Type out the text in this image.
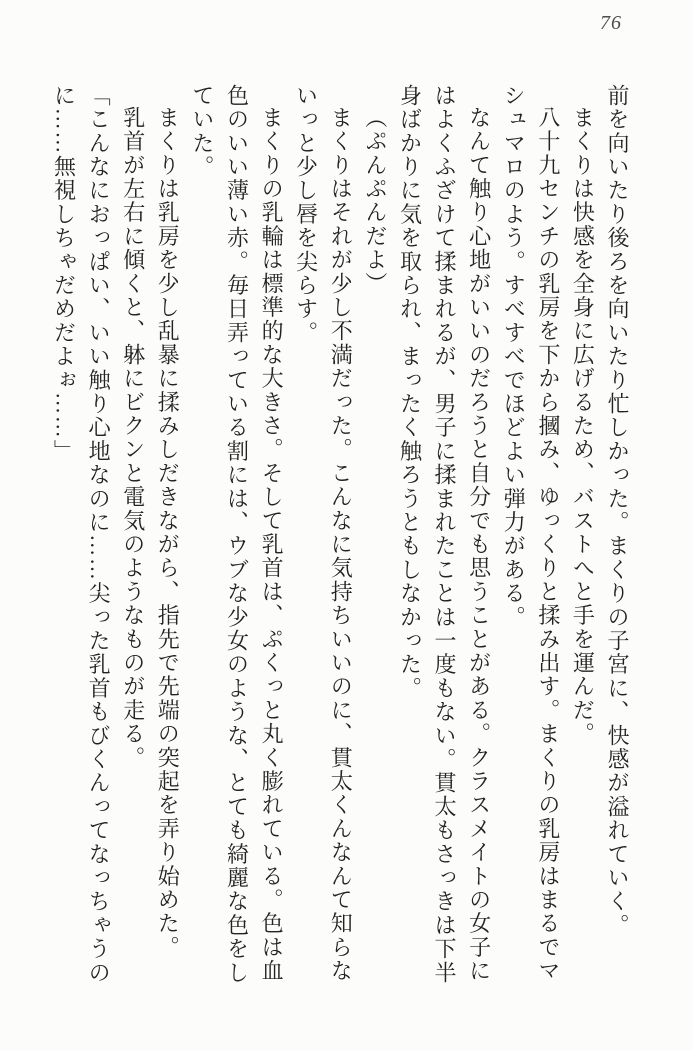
76

前を向いたり後ろを向いたり忙しかった。まくりの子宮に、快感が溢れていく。

まくりは快感を全身に広げるため、バストへと手を運んだ。

八十九センチの乳房を下から摑み、ゆっくりと揉み出す。まくりの乳房はまるでマシュマロのよう。すべすべでほどよい弾力がある。

なんて触り心地がいいのだろうと自分でも思うことがある。クラスメイトの女子にはよくふざけて揉まれるが、男子に揉まれたことは一度もない。貫太もさっきは下半身ばかりに気を取られ、まったく触ろうともしなかった。

（ぷんぷんだよ）

まくりはそれが少し不満だった。こんなに気持ちいいのに、貫太くんなんて知らないっと少し唇を尖らす。

まくりの乳輪は標準的な大きさ。そして乳首は、ぷくっと丸く膨れている。色は血色のいい薄い赤。毎日弄っている割には、ウブな少女のような、とても綺麗な色をしていた。

まくりは乳房を少し乱暴に揉みしだきながら、指先で先端の突起を弄り始めた。

乳首が左右に傾くと、躰にビクンと電気のようなものが走る。

「こんなにおっぱい、いい触り心地なのに……尖った乳首もびくんってなっちゃうのに……無視しちゃだめだよぉ……」
